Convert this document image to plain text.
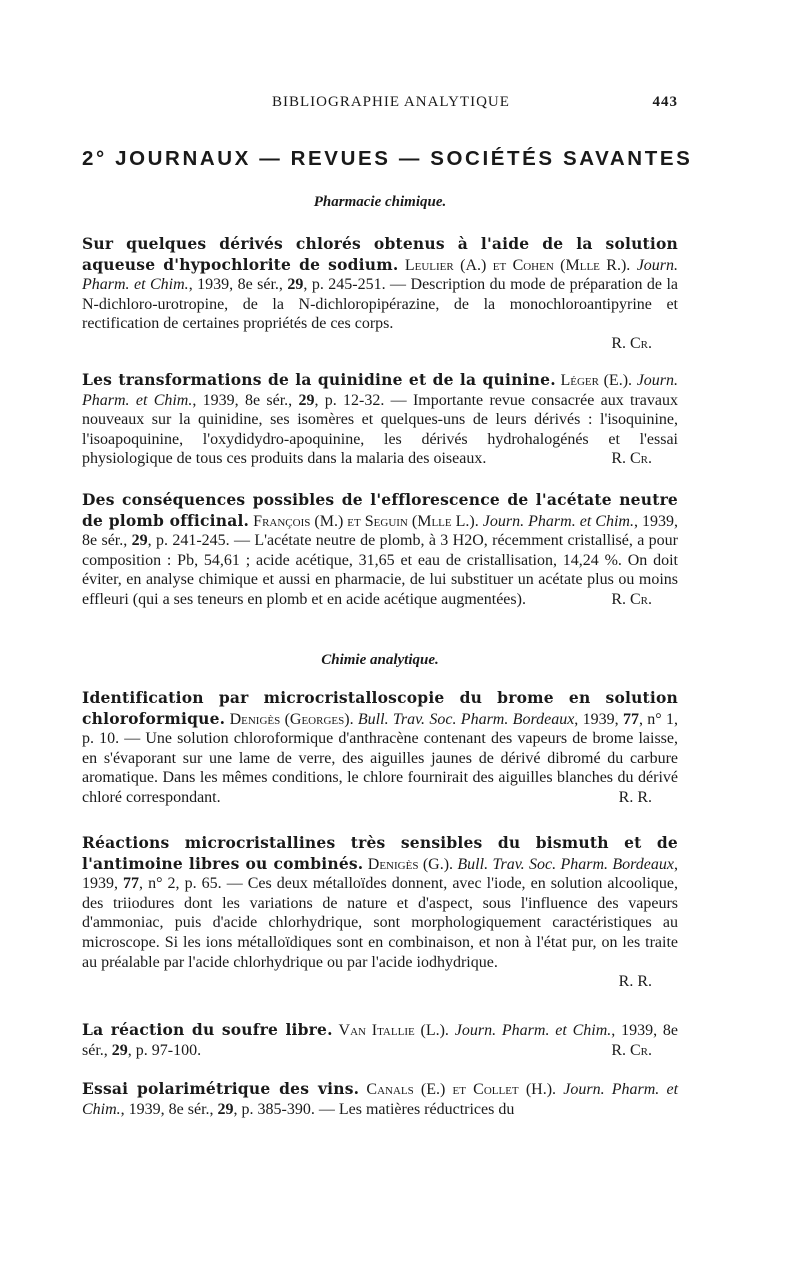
BIBLIOGRAPHIE ANALYTIQUE	443
2° JOURNAUX — REVUES — SOCIÉTÉS SAVANTES
Pharmacie chimique.

Sur quelques dérivés chlorés obtenus à l'aide de la solution aqueuse d'hypochlorite de sodium. Leulier (A.) et Cohen (Mlle R.). Journ. Pharm. et Chim., 1939, 8e sér., 29, p. 245-251. — Description du mode de préparation de la N-dichloro-urotropine, de la N-dichloropipérazine, de la monochloroantipyrine et rectification de certaines propriétés de ces corps.
R. Cr.

Les transformations de la quinidine et de la quinine. Léger (E.). Journ. Pharm. et Chim., 1939, 8e sér., 29, p. 12-32. — Importante revue consacrée aux travaux nouveaux sur la quinidine, ses isomères et quelques-uns de leurs dérivés : l'isoquinine, l'isoapoquinine, l'oxydidydro-apoquinine, les dérivés hydrohalogénés et l'essai physiologique de tous ces produits dans la malaria des oiseaux.	R. Cr.

Des conséquences possibles de l'efflorescence de l'acétate neutre de plomb officinal. François (M.) et Seguin (Mlle L.). Journ. Pharm. et Chim., 1939, 8e sér., 29, p. 241-245. — L'acétate neutre de plomb, à 3 H2O, récemment cristallisé, a pour composition : Pb, 54,61 ; acide acétique, 31,65 et eau de cristallisation, 14,24 %. On doit éviter, en analyse chimique et aussi en pharmacie, de lui substituer un acétate plus ou moins effleuri (qui a ses teneurs en plomb et en acide acétique augmentées).	R. Cr.

Chimie analytique.

Identification par microcristalloscopie du brome en solution chloroformique. Denigès (Georges). Bull. Trav. Soc. Pharm. Bordeaux, 1939, 77, n° 1, p. 10. — Une solution chloroformique d'anthracène contenant des vapeurs de brome laisse, en s'évaporant sur une lame de verre, des aiguilles jaunes de dérivé dibromé du carbure aromatique. Dans les mêmes conditions, le chlore fournirait des aiguilles blanches du dérivé chloré correspondant.	R. R.

Réactions microcristallines très sensibles du bismuth et de l'antimoine libres ou combinés. Denigès (G.). Bull. Trav. Soc. Pharm. Bordeaux, 1939, 77, n° 2, p. 65. — Ces deux métalloïdes donnent, avec l'iode, en solution alcoolique, des triiodures dont les variations de nature et d'aspect, sous l'influence des vapeurs d'ammoniac, puis d'acide chlorhydrique, sont morphologiquement caractéristiques au microscope. Si les ions métalloïdiques sont en combinaison, et non à l'état pur, on les traite au préalable par l'acide chlorhydrique ou par l'acide iodhydrique.
R. R.

La réaction du soufre libre. Van Itallie (L.). Journ. Pharm. et Chim., 1939, 8e sér., 29, p. 97-100.	R. Cr.

Essai polarimétrique des vins. Canals (E.) et Collet (H.). Journ. Pharm. et Chim., 1939, 8e sér., 29, p. 385-390. — Les matières réductrices du
